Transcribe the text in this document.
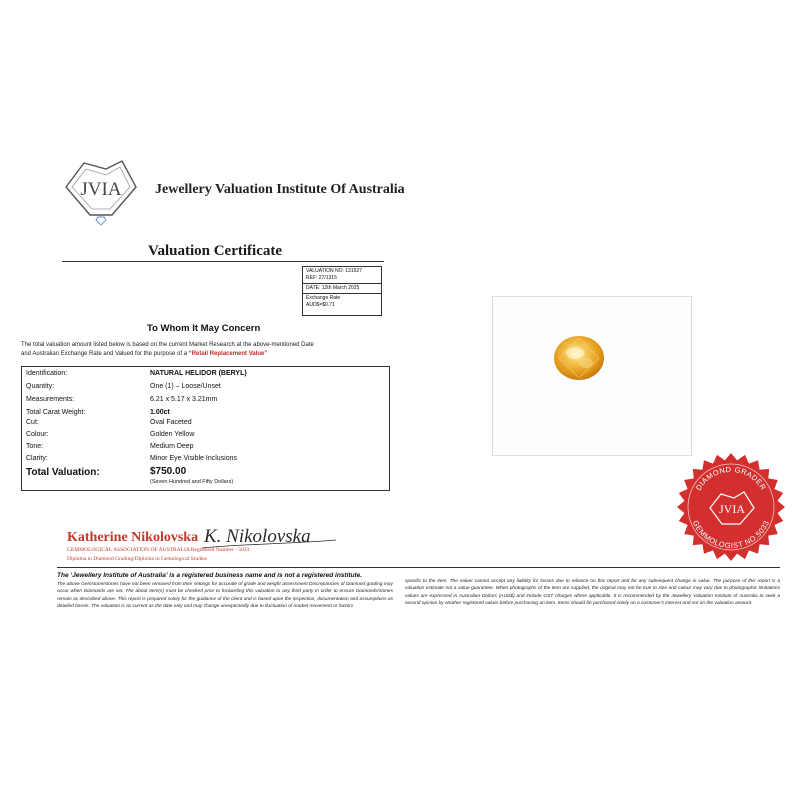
JVIA Jewellery Valuation Institute Of Australia
Valuation Certificate
VALUATION NO: 131527
REF: 27/1315
DATE: 12th March 2025
Exchange Rate
AUD$=$0.71
To Whom It May Concern
The total valuation amount listed below is based on the current Market Research at the above-mentioned Date
and Australian Exchange Rate and Valued for the purpose of a “Retail Replacement Value”
Identification:	NATURAL HELIDOR (BERYL)
Quantity:	One (1) – Loose/Unset
Measurements:	6.21 x 5.17 x 3.21mm
Total Carat Weight:	1.00ct
Cut:	Oval Faceted
Colour:	Golden Yellow
Tone:	Medium Deep
Clarity:	Minor Eye Visible Inclusions
Total Valuation:	$750.00
(Seven Hundred and Fifty Dollars)
DIAMOND GRADER
GEMMOLOGIST NO.5033
JVIA
Katherine Nikolovska K. Nikolovska
GEMMOLOGICAL ASSOCIATION OF AUSTRALIA Registered Number - 5033
Diploma in Diamond Grading/Diploma in Gemological Studies
The ‘Jewellery Institute of Australia’ is a registered business name and is not a registered institute.
The above Gemstone/stones have not been removed from their settings for accurate of grade and weight assessment Discrepancies of Diamond grading may occur when Diamonds are set. The about item(s) must be checked prior to forwarding this valuation to any third party in order to ensure Diamonds/stones remain as described above. This report is prepared solely for the guidance of the client and is based upon the inspection, documentation and assumptions as detailed herein. The valuation is as current as the date only and may change unexpectedly due to fluctuation of market movement or factors
specific to the item. The valuer cannot accept any liability for losses due to reliance on this report and for any subsequent change in value. The purpose of this report is a valuation estimate not a value guarantee. When photographs of the item are supplied, the original may not be true to size and colour may vary due to photographic limitations values are expressed in Australian Dollars (AUD$) and include GST charges where applicable. It is recommended by the Jewellery Valuation Institute of Australia to seek a second opinion by another registered valuer before purchasing an item. Items should be purchased solely on a customer's interest and not on the valuation amount.
